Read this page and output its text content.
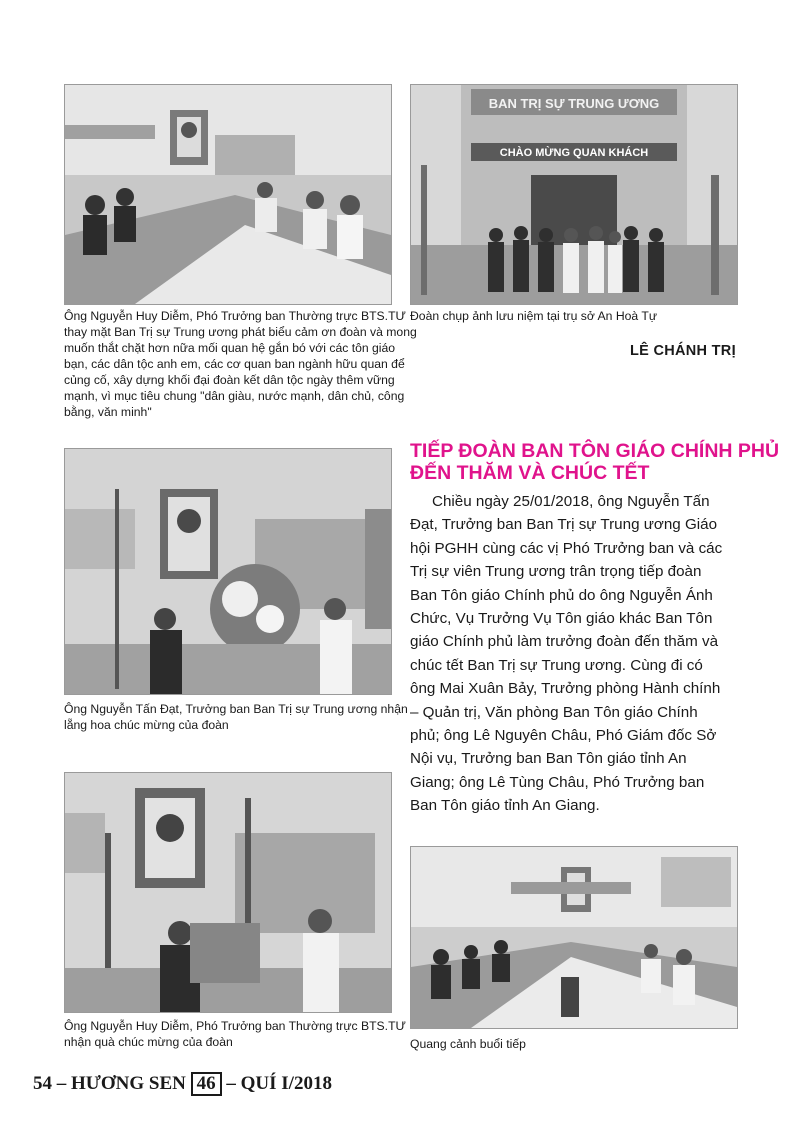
BAN TRỊ SỰ TRUNG ƯƠNG
CHÀO MỪNG QUAN KHÁCH

Ông Nguyễn Huy Diễm, Phó Trưởng ban Thường trực BTS.TƯ
thay mặt Ban Trị sự Trung ương phát biểu cảm ơn đoàn và mong
muốn thắt chặt hơn nữa mối quan hệ gắn bó với các tôn giáo
bạn, các dân tộc anh em, các cơ quan ban ngành hữu quan để
củng cố, xây dựng khối đại đoàn kết dân tộc ngày thêm vững
mạnh, vì mục tiêu chung "dân giàu, nước mạnh, dân chủ, công
bằng, văn minh"

Đoàn chụp ảnh lưu niệm tại trụ sở An Hoà Tự

LÊ CHÁNH TRỊ

Ông Nguyễn Tấn Đạt, Trưởng ban Ban Trị sự Trung ương nhận
lẵng hoa chúc mừng của đoàn

Ông Nguyễn Huy Diễm, Phó Trưởng ban Thường trực BTS.TƯ
nhận quà chúc mừng của đoàn

TIẾP ĐOÀN BAN TÔN GIÁO CHÍNH PHỦ
ĐẾN THĂM VÀ CHÚC TẾT

Chiều ngày 25/01/2018, ông Nguyễn Tấn
Đạt, Trưởng ban Ban Trị sự Trung ương Giáo
hội PGHH cùng các vị Phó Trưởng ban và các
Trị sự viên Trung ương trân trọng tiếp đoàn
Ban Tôn giáo Chính phủ do ông Nguyễn Ánh
Chức, Vụ Trưởng Vụ Tôn giáo khác Ban Tôn
giáo Chính phủ làm trưởng đoàn đến thăm và
chúc tết Ban Trị sự Trung ương. Cùng đi có
ông Mai Xuân Bảy, Trưởng phòng Hành chính
– Quản trị, Văn phòng Ban Tôn giáo Chính
phủ; ông Lê Nguyên Châu, Phó Giám đốc Sở
Nội vụ, Trưởng ban Ban Tôn giáo tỉnh An
Giang; ông Lê Tùng Châu, Phó Trưởng ban
Ban Tôn giáo tỉnh An Giang.

Quang cảnh buổi tiếp

54 – HƯƠNG SEN 46 – QUÍ I/2018
